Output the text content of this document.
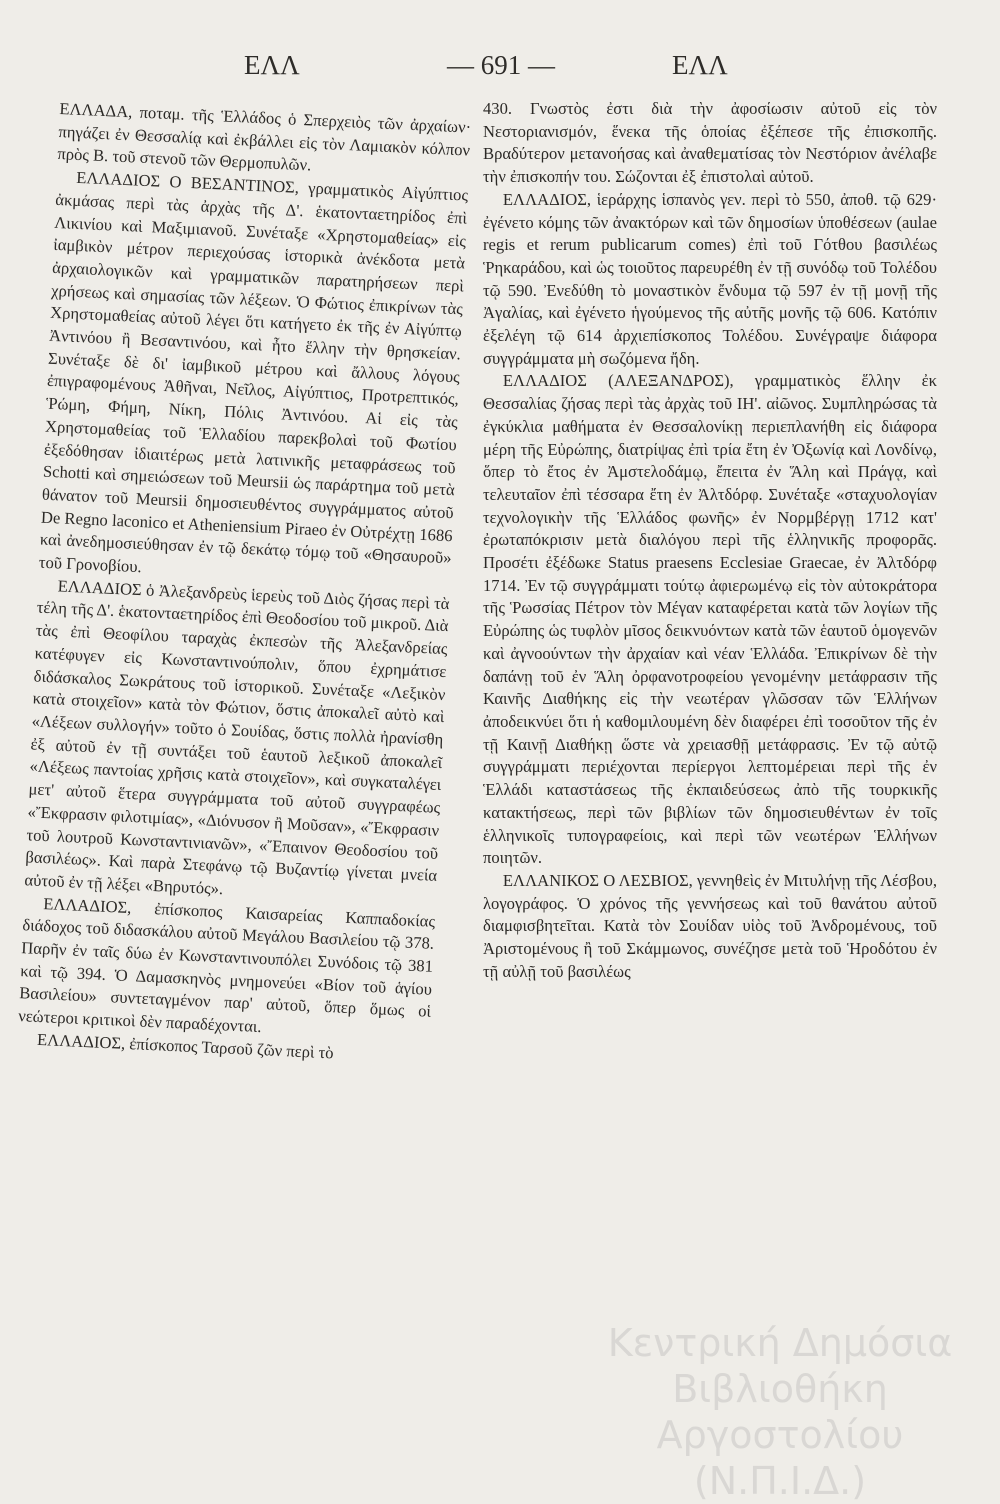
ΕΛΛ	— 691 —	ΕΛΛ

ΕΛΛΑΔΑ, ποταμ. τῆς Ἑλλάδος ὁ Σπερχειὸς τῶν ἀρχαίων· πηγάζει ἐν Θεσσαλίᾳ καὶ ἐκβάλλει εἰς τὸν Λαμιακὸν κόλπον πρὸς Β. τοῦ στενοῦ τῶν Θερμοπυλῶν.

ΕΛΛΑΔΙΟΣ Ο ΒΕΣΑΝΤΙΝΟΣ, γραμματικὸς Αἰγύπτιος ἀκμάσας περὶ τὰς ἀρχὰς τῆς Δ'. ἑκατονταετηρίδος ἐπὶ Λικινίου καὶ Μαξιμιανοῦ. Συνέταξε «Χρηστομαθείας» εἰς ἰαμβικὸν μέτρον περιεχούσας ἱστορικὰ ἀνέκδοτα μετὰ ἀρχαιολογικῶν καὶ γραμματικῶν παρατηρήσεων περὶ χρήσεως καὶ σημασίας τῶν λέξεων. Ὁ Φώτιος ἐπικρίνων τὰς Χρηστομαθείας αὐτοῦ λέγει ὅτι κατήγετο ἐκ τῆς ἐν Αἰγύπτῳ Ἀντινόου ἢ Βεσαντινόου, καὶ ἦτο ἕλλην τὴν θρησκείαν. Συνέταξε δὲ δι' ἰαμβικοῦ μέτρου καὶ ἄλλους λόγους ἐπιγραφομένους Ἀθῆναι, Νεῖλος, Αἰγύπτιος, Προτρεπτικός, Ῥώμη, Φήμη, Νίκη, Πόλις Ἀντινόου. Αἱ εἰς τὰς Χρηστομαθείας τοῦ Ἑλλαδίου παρεκβολαὶ τοῦ Φωτίου ἐξεδόθησαν ἰδιαιτέρως μετὰ λατινικῆς μεταφράσεως τοῦ Schotti καὶ σημειώσεων τοῦ Meursii ὡς παράρτημα τοῦ μετὰ θάνατον τοῦ Meursii δημοσιευθέντος συγγράμματος αὐτοῦ De Regno laconico et Atheniensium Piraeo ἐν Οὐτρέχτῃ 1686 καὶ ἀνεδημοσιεύθησαν ἐν τῷ δεκάτῳ τόμῳ τοῦ «Θησαυροῦ» τοῦ Γρονοβίου.

ΕΛΛΑΔΙΟΣ ὁ Ἀλεξανδρεὺς ἱερεὺς τοῦ Διὸς ζήσας περὶ τὰ τέλη τῆς Δ'. ἑκατονταετηρίδος ἐπὶ Θεοδοσίου τοῦ μικροῦ. Διὰ τὰς ἐπὶ Θεοφίλου ταραχὰς ἐκπεσὼν τῆς Ἀλεξανδρείας κατέφυγεν εἰς Κωνσταντινούπολιν, ὅπου ἐχρημάτισε διδάσκαλος Σωκράτους τοῦ ἱστορικοῦ. Συνέταξε «Λεξικὸν κατὰ στοιχεῖον» κατὰ τὸν Φώτιον, ὅστις ἀποκαλεῖ αὐτὸ καὶ «Λέξεων συλλογήν» τοῦτο ὁ Σουίδας, ὅστις πολλὰ ἠρανίσθη ἐξ αὐτοῦ ἐν τῇ συντάξει τοῦ ἑαυτοῦ λεξικοῦ ἀποκαλεῖ «Λέξεως παντοίας χρῆσις κατὰ στοιχεῖον», καὶ συγκαταλέγει μετ' αὐτοῦ ἕτερα συγγράμματα τοῦ αὐτοῦ συγγραφέως «Ἔκφρασιν φιλοτιμίας», «Διόνυσον ἢ Μοῦσαν», «Ἔκφρασιν τοῦ λουτροῦ Κωνσταντινιανῶν», «Ἔπαινον Θεοδοσίου τοῦ βασιλέως». Καὶ παρὰ Στεφάνῳ τῷ Βυζαντίῳ γίνεται μνεία αὐτοῦ ἐν τῇ λέξει «Βηρυτός».

ΕΛΛΑΔΙΟΣ, ἐπίσκοπος Καισαρείας Καππαδοκίας διάδοχος τοῦ διδασκάλου αὐτοῦ Μεγάλου Βασιλείου τῷ 378. Παρῆν ἐν ταῖς δύω ἐν Κωνσταντινουπόλει Συνόδοις τῷ 381 καὶ τῷ 394. Ὁ Δαμασκηνὸς μνημονεύει «Βίον τοῦ ἁγίου Βασιλείου» συντεταγμένον παρ' αὐτοῦ, ὅπερ ὅμως οἱ νεώτεροι κριτικοὶ δὲν παραδέχονται.

ΕΛΛΑΔΙΟΣ, ἐπίσκοπος Ταρσοῦ ζῶν περὶ τὸ

430. Γνωστὸς ἐστι διὰ τὴν ἀφοσίωσιν αὐτοῦ εἰς τὸν Νεστοριανισμόν, ἕνεκα τῆς ὁποίας ἐξέπεσε τῆς ἐπισκοπῆς. Βραδύτερον μετανοήσας καὶ ἀναθεματίσας τὸν Νεστόριον ἀνέλαβε τὴν ἐπισκοπήν του. Σώζονται ἐξ ἐπιστολαὶ αὐτοῦ.

ΕΛΛΑΔΙΟΣ, ἱεράρχης ἱσπανὸς γεν. περὶ τὸ 550, ἀποθ. τῷ 629· ἐγένετο κόμης τῶν ἀνακτόρων καὶ τῶν δημοσίων ὑποθέσεων (aulae regis et rerum publicarum comes) ἐπὶ τοῦ Γότθου βασιλέως Ῥηκαράδου, καὶ ὡς τοιοῦτος παρευρέθη ἐν τῇ συνόδῳ τοῦ Τολέδου τῷ 590. Ἐνεδύθη τὸ μοναστικὸν ἔνδυμα τῷ 597 ἐν τῇ μονῇ τῆς Ἀγαλίας, καὶ ἐγένετο ἡγούμενος τῆς αὐτῆς μονῆς τῷ 606. Κατόπιν ἐξελέγη τῷ 614 ἀρχιεπίσκοπος Τολέδου. Συνέγραψε διάφορα συγγράμματα μὴ σωζόμενα ἤδη.

ΕΛΛΑΔΙΟΣ (ΑΛΕΞΑΝΔΡΟΣ), γραμματικὸς ἕλλην ἐκ Θεσσαλίας ζήσας περὶ τὰς ἀρχὰς τοῦ ΙΗ'. αἰῶνος. Συμπληρώσας τὰ ἐγκύκλια μαθήματα ἐν Θεσσαλονίκῃ περιεπλανήθη εἰς διάφορα μέρη τῆς Εὐρώπης, διατρίψας ἐπὶ τρία ἔτη ἐν Ὀξωνίᾳ καὶ Λονδίνῳ, ὅπερ τὸ ἔτος ἐν Ἀμστελοδάμῳ, ἔπειτα ἐν Ἅλη καὶ Πράγᾳ, καὶ τελευταῖον ἐπὶ τέσσαρα ἔτη ἐν Ἀλτδόρφ. Συνέταξε «σταχυολογίαν τεχνολογικὴν τῆς Ἑλλάδος φωνῆς» ἐν Νορμβέργῃ 1712 κατ' ἐρωταπόκρισιν μετὰ διαλόγου περὶ τῆς ἑλληνικῆς προφορᾶς. Προσέτι ἐξέδωκε Status praesens Ecclesiae Graecae, ἐν Ἀλτδόρφ 1714. Ἐν τῷ συγγράμματι τούτῳ ἀφιερωμένῳ εἰς τὸν αὐτοκράτορα τῆς Ῥωσσίας Πέτρον τὸν Μέγαν καταφέρεται κατὰ τῶν λογίων τῆς Εὐρώπης ὡς τυφλὸν μῖσος δεικνυόντων κατὰ τῶν ἑαυτοῦ ὁμογενῶν καὶ ἀγνοούντων τὴν ἀρχαίαν καὶ νέαν Ἑλλάδα. Ἐπικρίνων δὲ τὴν δαπάνῃ τοῦ ἐν Ἅλη ὀρφανοτροφείου γενομένην μετάφρασιν τῆς Καινῆς Διαθήκης εἰς τὴν νεωτέραν γλῶσσαν τῶν Ἑλλήνων ἀποδεικνύει ὅτι ἡ καθομιλουμένη δὲν διαφέρει ἐπὶ τοσοῦτον τῆς ἐν τῇ Καινῇ Διαθήκῃ ὥστε νὰ χρειασθῇ μετάφρασις. Ἐν τῷ αὐτῷ συγγράμματι περιέχονται περίεργοι λεπτομέρειαι περὶ τῆς ἐν Ἑλλάδι καταστάσεως τῆς ἐκπαιδεύσεως ἀπὸ τῆς τουρκικῆς κατακτήσεως, περὶ τῶν βιβλίων τῶν δημοσιευθέντων ἐν τοῖς ἑλληνικοῖς τυπογραφείοις, καὶ περὶ τῶν νεωτέρων Ἑλλήνων ποιητῶν.

ΕΛΛΑΝΙΚΟΣ Ο ΛΕΣΒΙΟΣ, γεννηθεὶς ἐν Μιτυλήνῃ τῆς Λέσβου, λογογράφος. Ὁ χρόνος τῆς γεννήσεως καὶ τοῦ θανάτου αὐτοῦ διαμφισβητεῖται. Κατὰ τὸν Σουίδαν υἱὸς τοῦ Ἀνδρομένους, τοῦ Ἀριστομένους ἢ τοῦ Σκάμμωνος, συνέζησε μετὰ τοῦ Ἡροδότου ἐν τῇ αὐλῇ τοῦ βασιλέως

Κεντρική Δημόσια Βιβλιοθήκη
Αργοστολίου (Ν.Π.Ι.Δ.)
